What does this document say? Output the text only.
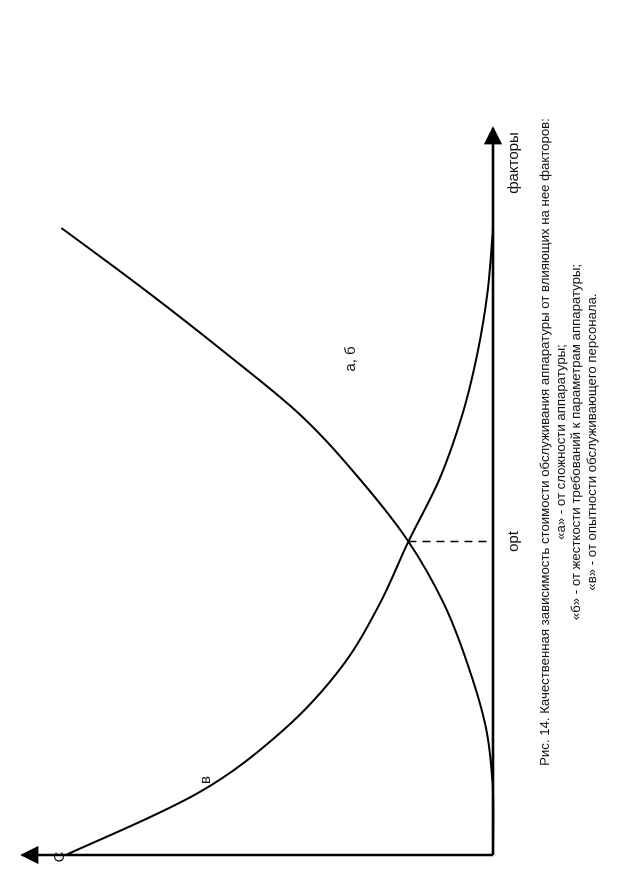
факторы
С
opt
в
а, б	Рис. 14. Качественная зависимость стоимости обслуживания аппаратуры от влияющих на нее факторов: «а» - от сложности аппаратуры; «б» - от жесткости требований к параметрам аппаратуры; «в» - от опытности обслуживающего персонала.
